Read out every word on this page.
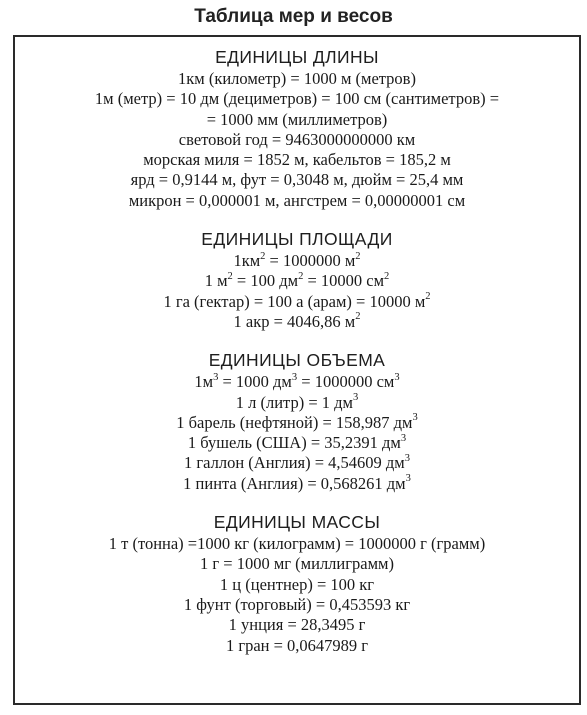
Таблица мер и весов
ЕДИНИЦЫ ДЛИНЫ
1км (километр) = 1000 м (метров)
1м (метр) = 10 дм (дециметров) = 100 см (сантиметров) =
= 1000 мм (миллиметров)
световой год = 9463000000000 км
морская миля = 1852 м, кабельтов = 185,2 м
ярд = 0,9144 м, фут = 0,3048 м, дюйм = 25,4 мм
микрон = 0,000001 м, ангстрем = 0,00000001 см
ЕДИНИЦЫ ПЛОЩАДИ
$1км^2 = 1000000$ $м^2$
1 $м^2 = 100$ $дм^2 = 10000$ $см^2$
1 га (гектар) = 100 а (арам) = 10000 $м^2$
1 акр = 4046,86 $м^2$
ЕДИНИЦЫ ОБЪЕМА
$1м^3 = 1000$ $дм^3 = 1000000$ $см^3$
1 л (литр) = 1 $дм^3$
1 барель (нефтяной) = 158,987 $дм^3$
1 бушель (США) = 35,2391 $дм^3$
1 галлон (Англия) = 4,54609 $дм^3$
1 пинта (Англия) = 0,568261 $дм^3$
ЕДИНИЦЫ МАССЫ
1 т (тонна) =1000 кг (килограмм) = 1000000 г (грамм)
1 г = 1000 мг (миллиграмм)
1 ц (центнер) = 100 кг
1 фунт (торговый) = 0,453593 кг
1 унция = 28,3495 г
1 гран = 0,0647989 г
